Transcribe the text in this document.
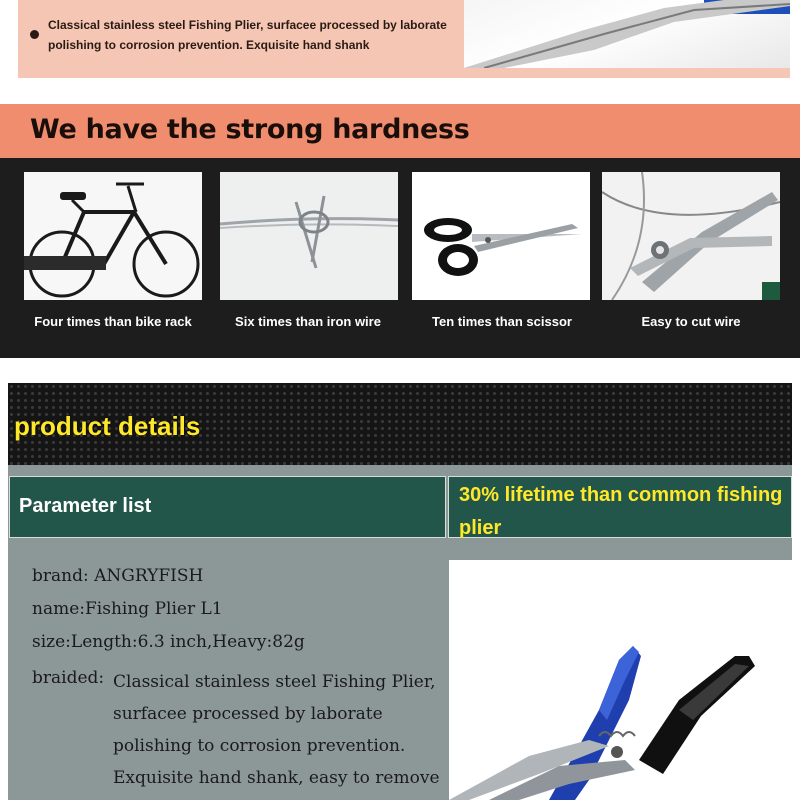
Classical stainless steel Fishing Plier, surfacee processed by laborate polishing to corrosion prevention. Exquisite hand shank
We have the strong hardness
Four times than bike rack	Six times than iron wire	Ten times than scissor	Easy to cut wire
product details
Parameter list	30% lifetime than common fishing plier
brand: ANGRYFISH
name:Fishing Plier L1
size:Length:6.3 inch,Heavy:82g
braided: Classical stainless steel Fishing Plier, surfacee processed by laborate polishing to corrosion prevention. Exquisite hand shank, easy to remove
